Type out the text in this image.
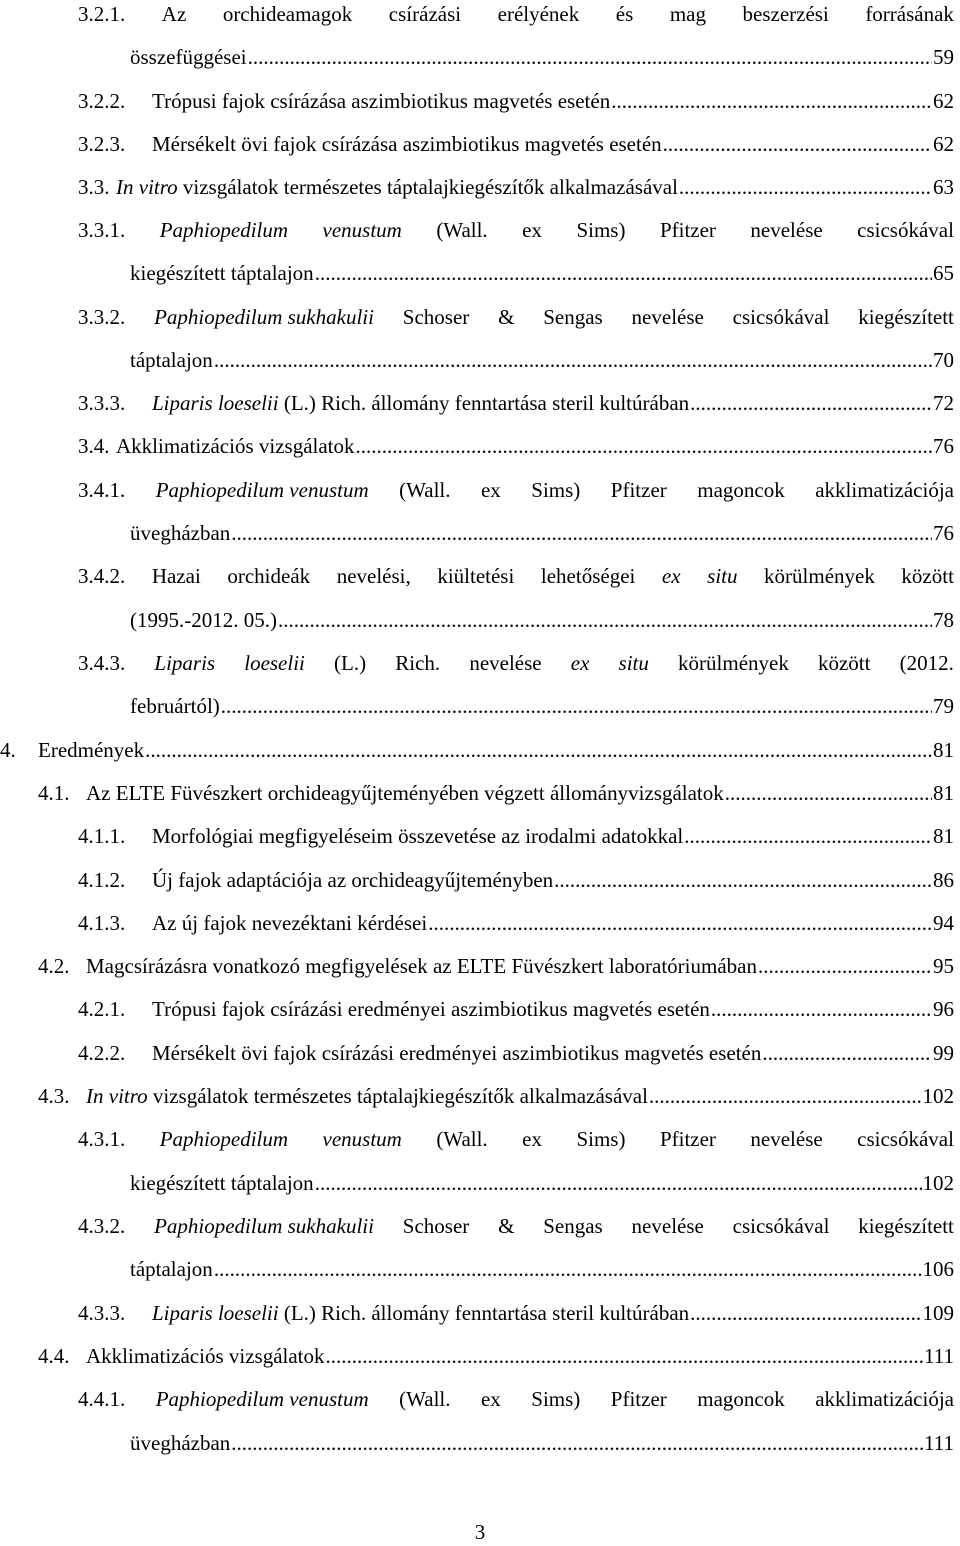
3.2.1. Az orchideamagok csírázási erélyének és mag beszerzési forrásának
összefüggései .....	59
3.2.2.	Trópusi fajok csírázása aszimbiotikus magvetés esetén .....	62
3.2.3.	Mérsékelt övi fajok csírázása aszimbiotikus magvetés esetén .....	62
3.3. In vitro
vizsgálatok természetes táptalajkiegészítők alkalmazásával .....	63
3.3.1. Paphiopedilum venustum (Wall. ex Sims) Pfitzer nevelése csicsókával
kiegészített táptalajon .....	65
3.3.2. Paphiopedilum sukhakulii Schoser & Sengas nevelése csicsókával kiegészített
táptalajon .....	70
3.3.3.	Liparis loeselii
(L.) Rich. állomány fenntartása steril kultúrában .....	72
3.4. Akklimatizációs vizsgálatok .....	76
3.4.1. Paphiopedilum venustum (Wall. ex Sims) Pfitzer magoncok akklimatizációja
üvegházban .....	76
3.4.2. Hazai orchideák nevelési, kiültetési lehetőségei ex situ körülmények között
(1995.-2012. 05.) .....	78
3.4.3. Liparis loeselii (L.) Rich. nevelése ex situ körülmények között (2012.
februártól) .....	79
4.	Eredmények .....	81
4.1. Az ELTE Füvészkert orchideagyűjteményében végzett állományvizsgálatok .....	81
4.1.1.	Morfológiai megfigyeléseim összevetése az irodalmi adatokkal .....	81
4.1.2.	Új fajok adaptációja az orchideagyűjteményben .....	86
4.1.3.	Az új fajok nevezéktani kérdései .....	94
4.2. Magcsírázásra vonatkozó megfigyelések az ELTE Füvészkert laboratóriumában .....	95
4.2.1.	Trópusi fajok csírázási eredményei aszimbiotikus magvetés esetén .....	96
4.2.2.	Mérsékelt övi fajok csírázási eredményei aszimbiotikus magvetés esetén .....	99
4.3. In vitro
vizsgálatok természetes táptalajkiegészítők alkalmazásával .....	102
4.3.1. Paphiopedilum venustum (Wall. ex Sims) Pfitzer nevelése csicsókával
kiegészített táptalajon .....	102
4.3.2. Paphiopedilum sukhakulii Schoser & Sengas nevelése csicsókával kiegészített
táptalajon .....	106
4.3.3.	Liparis loeselii
(L.) Rich. állomány fenntartása steril kultúrában .....	109
4.4. Akklimatizációs vizsgálatok .....	111
4.4.1. Paphiopedilum venustum (Wall. ex Sims) Pfitzer magoncok akklimatizációja
üvegházban .....	111
3
